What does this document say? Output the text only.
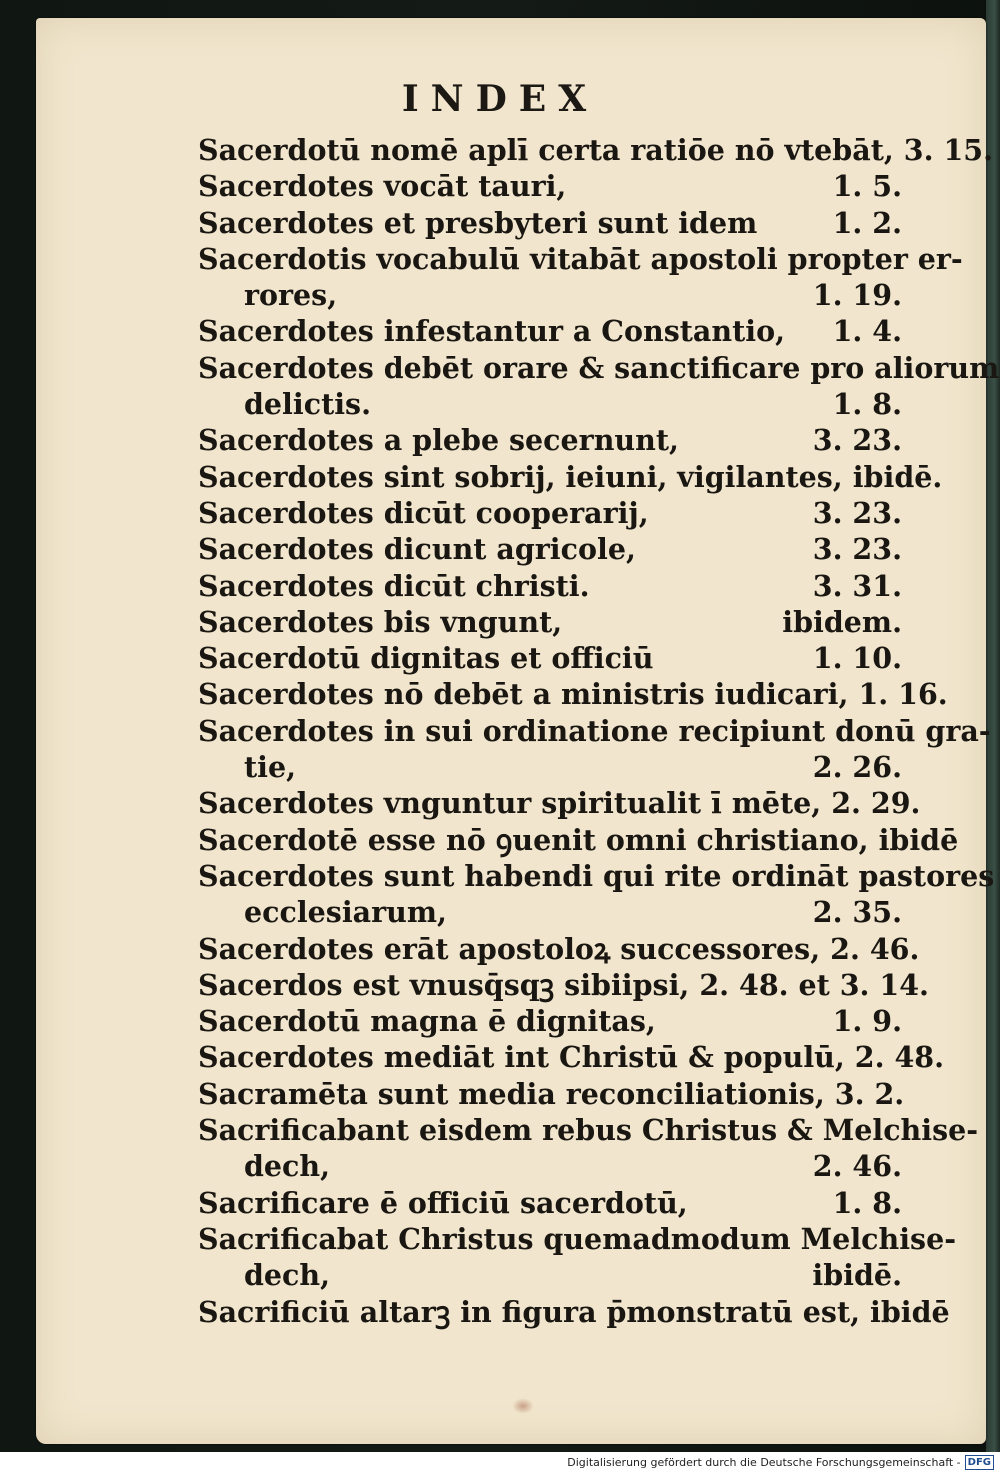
INDEX
Sacerdotū nomē aplī certa ratiōe nō vtebāt, 3. 15.
Sacerdotes vocāt tauri,	1. 5.
Sacerdotes et presbyteri sunt idem	1. 2.
Sacerdotis vocabulū vitabāt apostoli propter er-
rores,	1. 19.
Sacerdotes infestantur a Constantio,	1. 4.
Sacerdotes debēt orare & sanctificare pro aliorum
delictis.	1. 8.
Sacerdotes a plebe secernunt,	3. 23.
Sacerdotes sint sobrij, ieiuni, vigilantes, ibidē.
Sacerdotes dicūt cooperarij,	3. 23.
Sacerdotes dicunt agricole,	3. 23.
Sacerdotes dicūt christi.	3. 31.
Sacerdotes bis vngunt,	ibidem.
Sacerdotū dignitas et officiū	1. 10.
Sacerdotes nō debēt a ministris iudicari, 1. 16.
Sacerdotes in sui ordinatione recipiunt donū gra-
tie,	2. 26.
Sacerdotes vnguntur spiritualit ī mēte, 2. 29.
Sacerdotē esse nō ꝯuenit omni christiano, ibidē
Sacerdotes sunt habendi qui rite ordināt pastores
ecclesiarum,	2. 35.
Sacerdotes erāt apostoloꝝ successores, 2. 46.
Sacerdos est vnusq̄sqꝫ sibiipsi, 2. 48. et 3. 14.
Sacerdotū magna ē dignitas,	1. 9.
Sacerdotes mediāt int Christū & populū, 2. 48.
Sacramēta sunt media reconciliationis, 3. 2.
Sacrificabant eisdem rebus Christus & Melchise-
dech,	2. 46.
Sacrificare ē officiū sacerdotū,	1. 8.
Sacrificabat Christus quemadmodum Melchise-
dech,	ibidē.
Sacrificiū altarꝫ in figura p̄monstratū est, ibidē
Digitalisierung gefördert durch die Deutsche Forschungsgemeinschaft - DFG
